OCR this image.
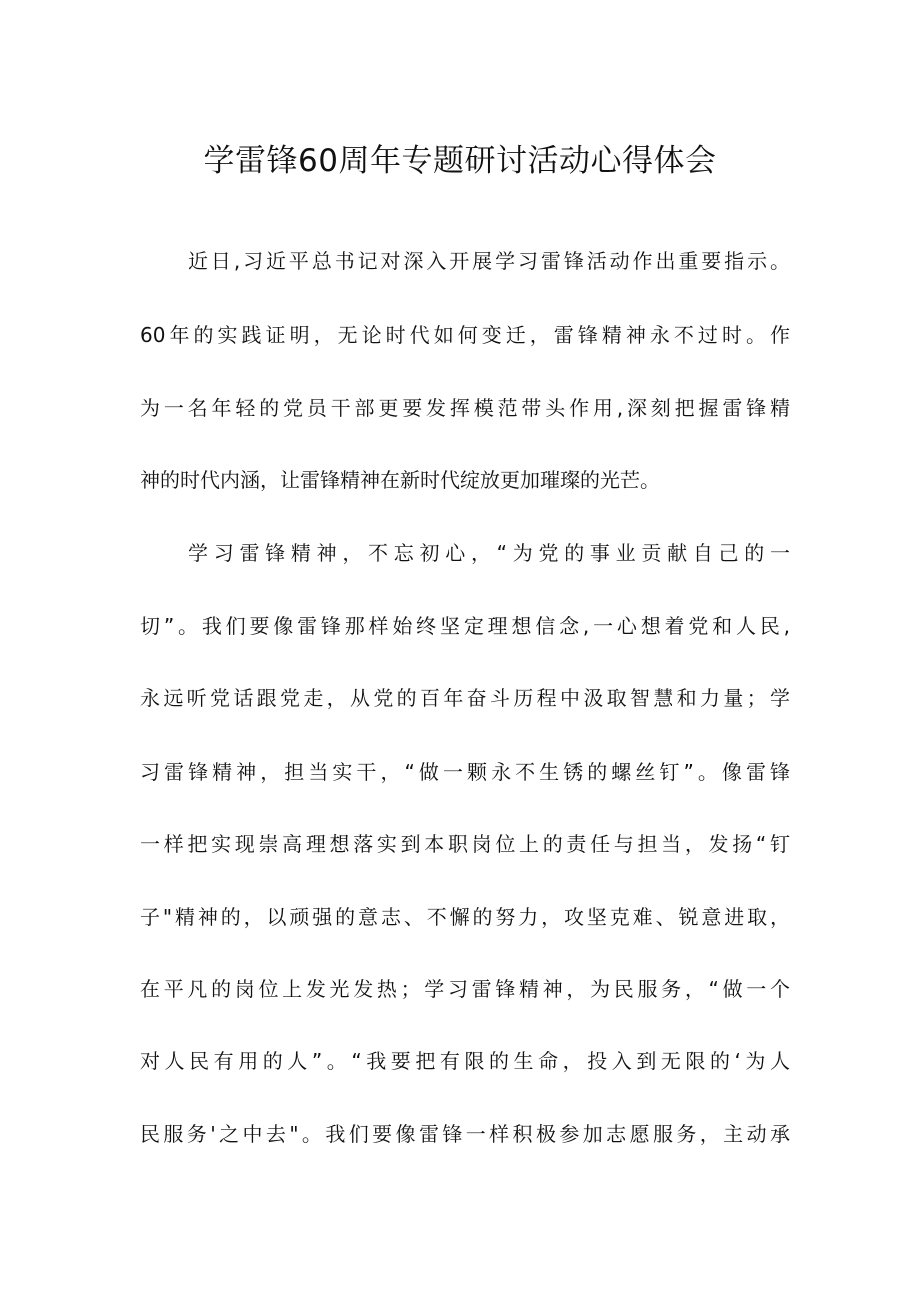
学雷锋60周年专题研讨活动心得体会
近日,习近平总书记对深入开展学习雷锋活动作出重要指示。
60年的实践证明，无论时代如何变迁，雷锋精神永不过时。作
为一名年轻的党员干部更要发挥模范带头作用,深刻把握雷锋精
神的时代内涵，让雷锋精神在新时代绽放更加璀璨的光芒。
学习雷锋精神，不忘初心，“为党的事业贡献自己的一
切”。我们要像雷锋那样始终坚定理想信念,一心想着党和人民,
永远听党话跟党走，从党的百年奋斗历程中汲取智慧和力量；学
习雷锋精神，担当实干，“做一颗永不生锈的螺丝钉”。像雷锋
一样把实现崇高理想落实到本职岗位上的责任与担当，发扬“钉
子"精神的，以顽强的意志、不懈的努力，攻坚克难、锐意进取，
在平凡的岗位上发光发热；学习雷锋精神，为民服务，“做一个
对人民有用的人”。“我要把有限的生命，投入到无限的‘为人
民服务'之中去"。我们要像雷锋一样积极参加志愿服务，主动承
